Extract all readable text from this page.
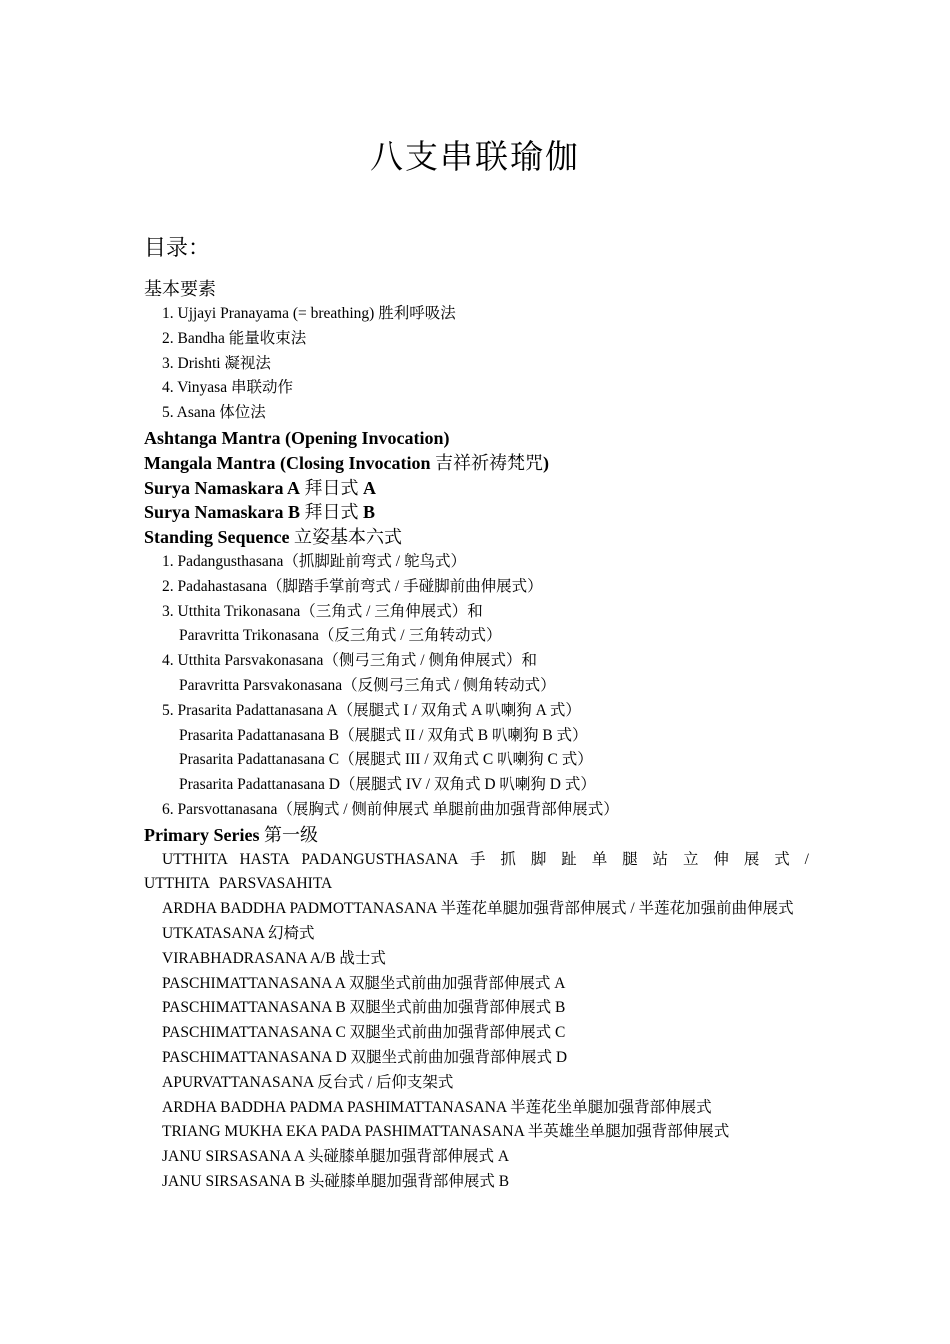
八支串联瑜伽
目录：
基本要素
1. Ujjayi Pranayama (= breathing) 胜利呼吸法
2. Bandha 能量收束法
3. Drishti 凝视法
4. Vinyasa 串联动作
5. Asana 体位法
Ashtanga Mantra (Opening Invocation)
Mangala Mantra (Closing Invocation 吉祥祈祷梵咒)
Surya Namaskara A 拜日式 A
Surya Namaskara B 拜日式 B
Standing Sequence 立姿基本六式
1. Padangusthasana（抓脚趾前弯式 / 鸵鸟式）
2. Padahastasana（脚踏手掌前弯式 / 手碰脚前曲伸展式）
3. Utthita Trikonasana（三角式 / 三角伸展式）和
Paravritta Trikonasana（反三角式 / 三角转动式）
4. Utthita Parsvakonasana（侧弓三角式 / 侧角伸展式）和
Paravritta Parsvakonasana（反侧弓三角式 / 侧角转动式）
5. Prasarita Padattanasana A（展腿式 I / 双角式 A 叭喇狗 A 式）
Prasarita Padattanasana B（展腿式 II / 双角式 B 叭喇狗 B 式）
Prasarita Padattanasana C（展腿式 III / 双角式 C 叭喇狗 C 式）
Prasarita Padattanasana D（展腿式 IV / 双角式 D 叭喇狗 D 式）
6. Parsvottanasana（展胸式 / 侧前伸展式 单腿前曲加强背部伸展式）
Primary Series 第一级
UTTHITA HASTA PADANGUSTHASANA 手 抓 脚 趾 单 腿 站 立 伸 展 式 / UTTHITA PARSVASAHITA
ARDHA BADDHA PADMOTTANASANA 半莲花单腿加强背部伸展式 / 半莲花加强前曲伸展式
UTKATASANA 幻椅式
VIRABHADRASANA A/B 战士式
PASCHIMATTANASANA A 双腿坐式前曲加强背部伸展式 A
PASCHIMATTANASANA B 双腿坐式前曲加强背部伸展式 B
PASCHIMATTANASANA C 双腿坐式前曲加强背部伸展式 C
PASCHIMATTANASANA D 双腿坐式前曲加强背部伸展式 D
APURVATTANASANA 反台式 / 后仰支架式
ARDHA BADDHA PADMA PASHIMATTANASANA 半莲花坐单腿加强背部伸展式
TRIANG MUKHA EKA PADA PASHIMATTANASANA 半英雄坐单腿加强背部伸展式
JANU SIRSASANA A 头碰膝单腿加强背部伸展式 A
JANU SIRSASANA B 头碰膝单腿加强背部伸展式 B
